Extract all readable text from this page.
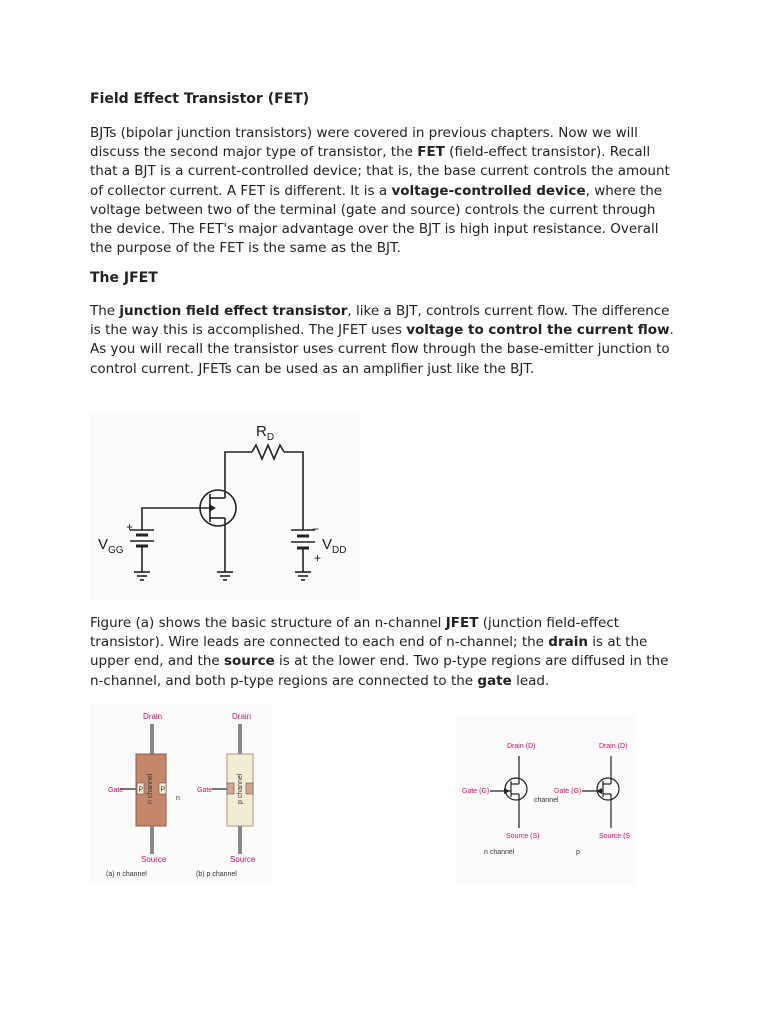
Field Effect Transistor (FET)
BJTs (bipolar junction transistors) were covered in previous chapters. Now we will discuss the second major type of transistor, the FET (field-effect transistor). Recall that a BJT is a current-controlled device; that is, the base current controls the amount of collector current. A FET is different. It is a voltage-controlled device, where the voltage between two of the terminal (gate and source) controls the current through the device. The FET's major advantage over the BJT is high input resistance. Overall the purpose of the FET is the same as the BJT.
The JFET
The junction field effect transistor, like a BJT, controls current flow. The difference is the way this is accomplished. The JFET uses voltage to control the current flow. As you will recall the transistor uses current flow through the base-emitter junction to control current. JFETs can be used as an amplifier just like the BJT.
Figure (a) shows the basic structure of an n-channel JFET (junction field-effect transistor). Wire leads are connected to each end of n-channel; the drain is at the upper end, and the source is at the lower end. Two p-type regions are diffused in the n-channel, and both p-type regions are connected to the gate lead.
$R_D$
$V_{GG}$	$V_{DD}$
+	−
+
Drain
P P
Gate	n channel	n
Source
(a) n channel
Drain
Gate	p channel
Source
(b) p channel
Drain (D)	Drain (D)
Gate (G)	Gate (G)
channel
Source (S)	Source (S
n channel	p
